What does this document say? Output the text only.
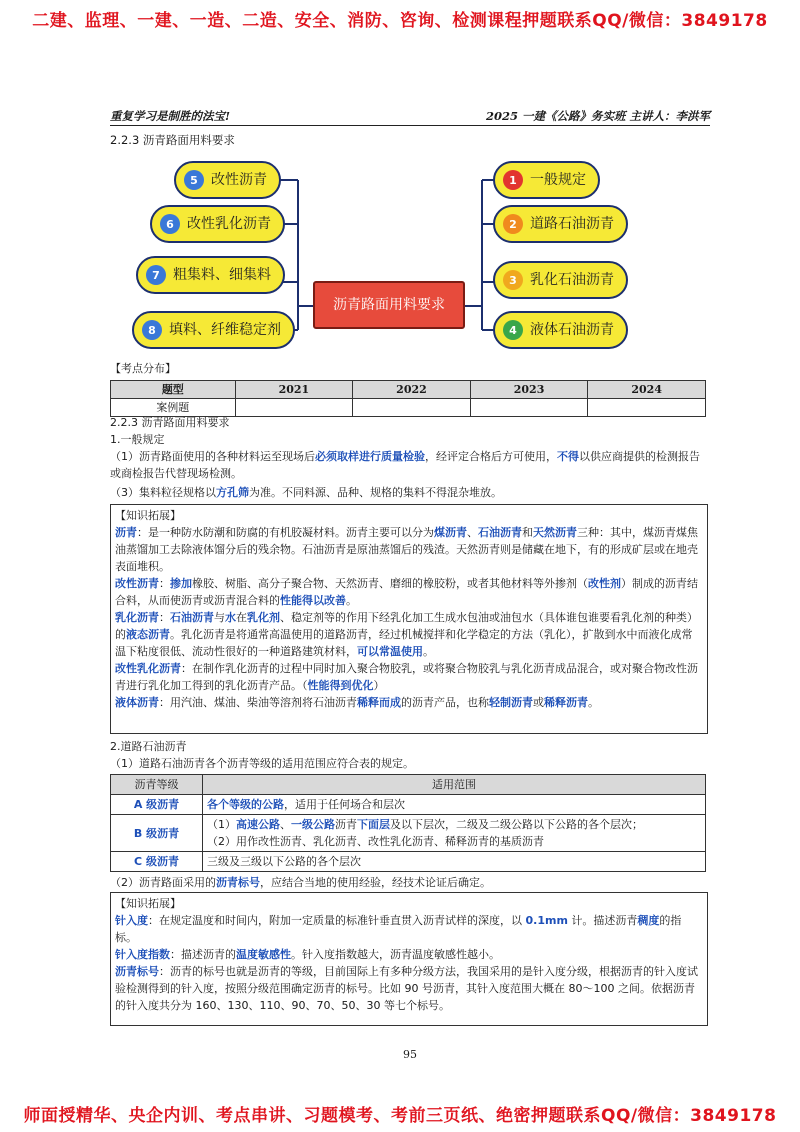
二建、监理、一建、一造、二造、安全、消防、咨询、检测课程押题联系QQ/微信：3849178
重复学习是制胜的法宝!	2025 一建《公路》务实班 主讲人：李洪军
2.2.3 沥青路面用料要求
5 改性沥青
6 改性乳化沥青
7 粗集料、细集料
8 填料、纤维稳定剂
沥青路面用料要求
1 一般规定
2 道路石油沥青
3 乳化石油沥青
4 液体石油沥青
【考点分布】
题型	2021	2022	2023	2024
案例题				
2.2.3 沥青路面用料要求
1.一般规定
（1）沥青路面使用的各种材料运至现场后必须取样进行质量检验，经评定合格后方可使用，不得以供应商提供的检测报告或商检报告代替现场检测。
（3）集料粒径规格以方孔筛为准。不同料源、品种、规格的集料不得混杂堆放。

【知识拓展】

沥青：是一种防水防潮和防腐的有机胶凝材料。沥青主要可以分为煤沥青、石油沥青和天然沥青三种：其中，煤沥青煤焦油蒸馏加工去除液体馏分后的残余物。石油沥青是原油蒸馏后的残渣。天然沥青则是储藏在地下，有的形成矿层或在地壳表面堆积。

改性沥青：掺加橡胶、树脂、高分子聚合物、天然沥青、磨细的橡胶粉，或者其他材料等外掺剂（改性剂）制成的沥青结合料，从而使沥青或沥青混合料的性能得以改善。

乳化沥青：石油沥青与水在乳化剂、稳定剂等的作用下经乳化加工生成水包油或油包水（具体谁包谁要看乳化剂的种类）的液态沥青。乳化沥青是将通常高温使用的道路沥青，经过机械搅拌和化学稳定的方法（乳化），扩散到水中而液化成常温下粘度很低、流动性很好的一种道路建筑材料，可以常温使用。

改性乳化沥青：在制作乳化沥青的过程中同时加入聚合物胶乳，或将聚合物胶乳与乳化沥青成品混合，或对聚合物改性沥青进行乳化加工得到的乳化沥青产品。（性能得到优化）

液体沥青：用汽油、煤油、柴油等溶剂将石油沥青稀释而成的沥青产品，也称轻制沥青或稀释沥青。

2.道路石油沥青
（1）道路石油沥青各个沥青等级的适用范围应符合表的规定。
沥青等级	适用范围
A 级沥青	各个等级的公路，适用于任何场合和层次
B 级沥青	（1）高速公路、一级公路沥青下面层及以下层次，二级及二级公路以下公路的各个层次；
（2）用作改性沥青、乳化沥青、改性乳化沥青、稀释沥青的基质沥青

C 级沥青	三级及三级以下公路的各个层次
（2）沥青路面采用的沥青标号，应结合当地的使用经验，经技术论证后确定。

【知识拓展】

针入度：在规定温度和时间内，附加一定质量的标准针垂直贯入沥青试样的深度，以 0.1mm 计。描述沥青稠度的指标。

针入度指数：描述沥青的温度敏感性。针入度指数越大，沥青温度敏感性越小。

沥青标号：沥青的标号也就是沥青的等级，目前国际上有多种分级方法，我国采用的是针入度分级，根据沥青的针入度试验检测得到的针入度，按照分级范围确定沥青的标号。比如 90 号沥青，其针入度范围大概在 80～100 之间。依据沥青的针入度共分为 160、130、110、90、70、50、30 等七个标号。

95
师面授精华、央企内训、考点串讲、习题模考、考前三页纸、绝密押题联系QQ/微信：3849178
